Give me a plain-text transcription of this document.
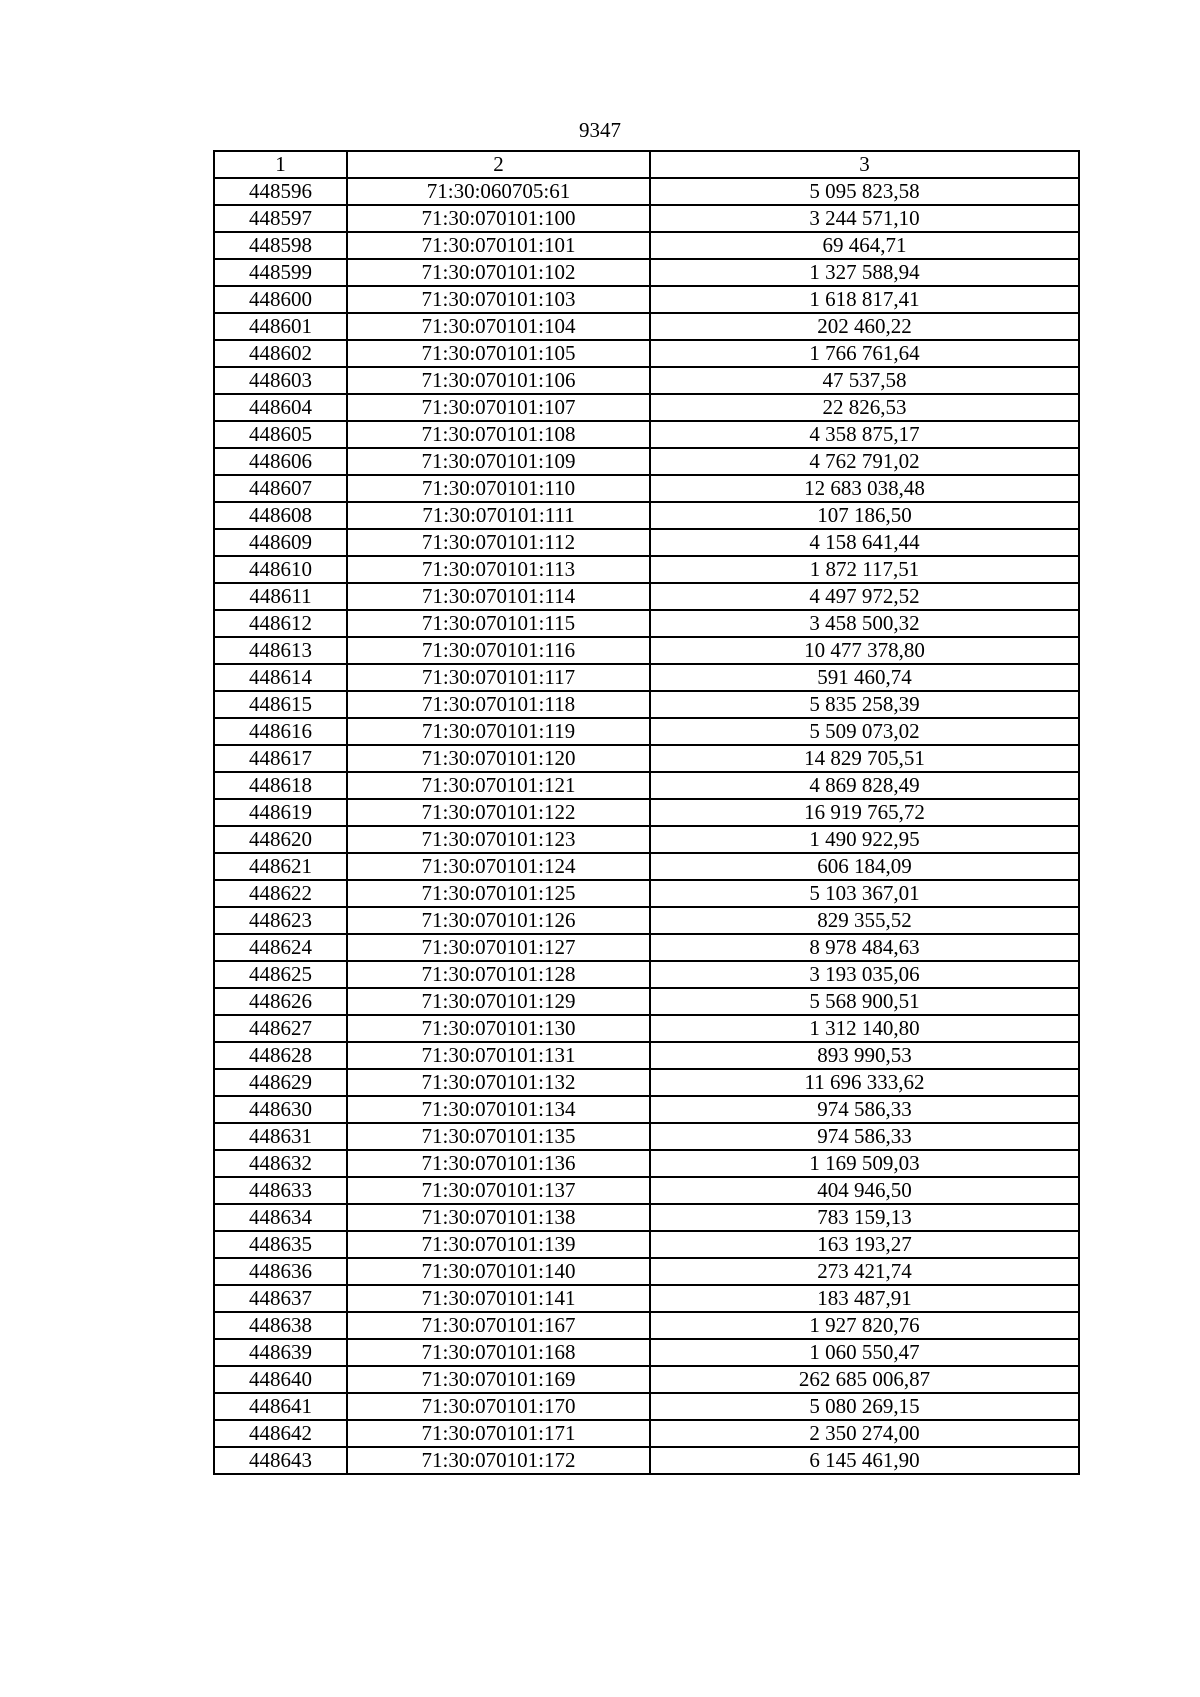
9347
1	2	3
448596	71:30:060705:61	5 095 823,58
448597	71:30:070101:100	3 244 571,10
448598	71:30:070101:101	69 464,71
448599	71:30:070101:102	1 327 588,94
448600	71:30:070101:103	1 618 817,41
448601	71:30:070101:104	202 460,22
448602	71:30:070101:105	1 766 761,64
448603	71:30:070101:106	47 537,58
448604	71:30:070101:107	22 826,53
448605	71:30:070101:108	4 358 875,17
448606	71:30:070101:109	4 762 791,02
448607	71:30:070101:110	12 683 038,48
448608	71:30:070101:111	107 186,50
448609	71:30:070101:112	4 158 641,44
448610	71:30:070101:113	1 872 117,51
448611	71:30:070101:114	4 497 972,52
448612	71:30:070101:115	3 458 500,32
448613	71:30:070101:116	10 477 378,80
448614	71:30:070101:117	591 460,74
448615	71:30:070101:118	5 835 258,39
448616	71:30:070101:119	5 509 073,02
448617	71:30:070101:120	14 829 705,51
448618	71:30:070101:121	4 869 828,49
448619	71:30:070101:122	16 919 765,72
448620	71:30:070101:123	1 490 922,95
448621	71:30:070101:124	606 184,09
448622	71:30:070101:125	5 103 367,01
448623	71:30:070101:126	829 355,52
448624	71:30:070101:127	8 978 484,63
448625	71:30:070101:128	3 193 035,06
448626	71:30:070101:129	5 568 900,51
448627	71:30:070101:130	1 312 140,80
448628	71:30:070101:131	893 990,53
448629	71:30:070101:132	11 696 333,62
448630	71:30:070101:134	974 586,33
448631	71:30:070101:135	974 586,33
448632	71:30:070101:136	1 169 509,03
448633	71:30:070101:137	404 946,50
448634	71:30:070101:138	783 159,13
448635	71:30:070101:139	163 193,27
448636	71:30:070101:140	273 421,74
448637	71:30:070101:141	183 487,91
448638	71:30:070101:167	1 927 820,76
448639	71:30:070101:168	1 060 550,47
448640	71:30:070101:169	262 685 006,87
448641	71:30:070101:170	5 080 269,15
448642	71:30:070101:171	2 350 274,00
448643	71:30:070101:172	6 145 461,90
